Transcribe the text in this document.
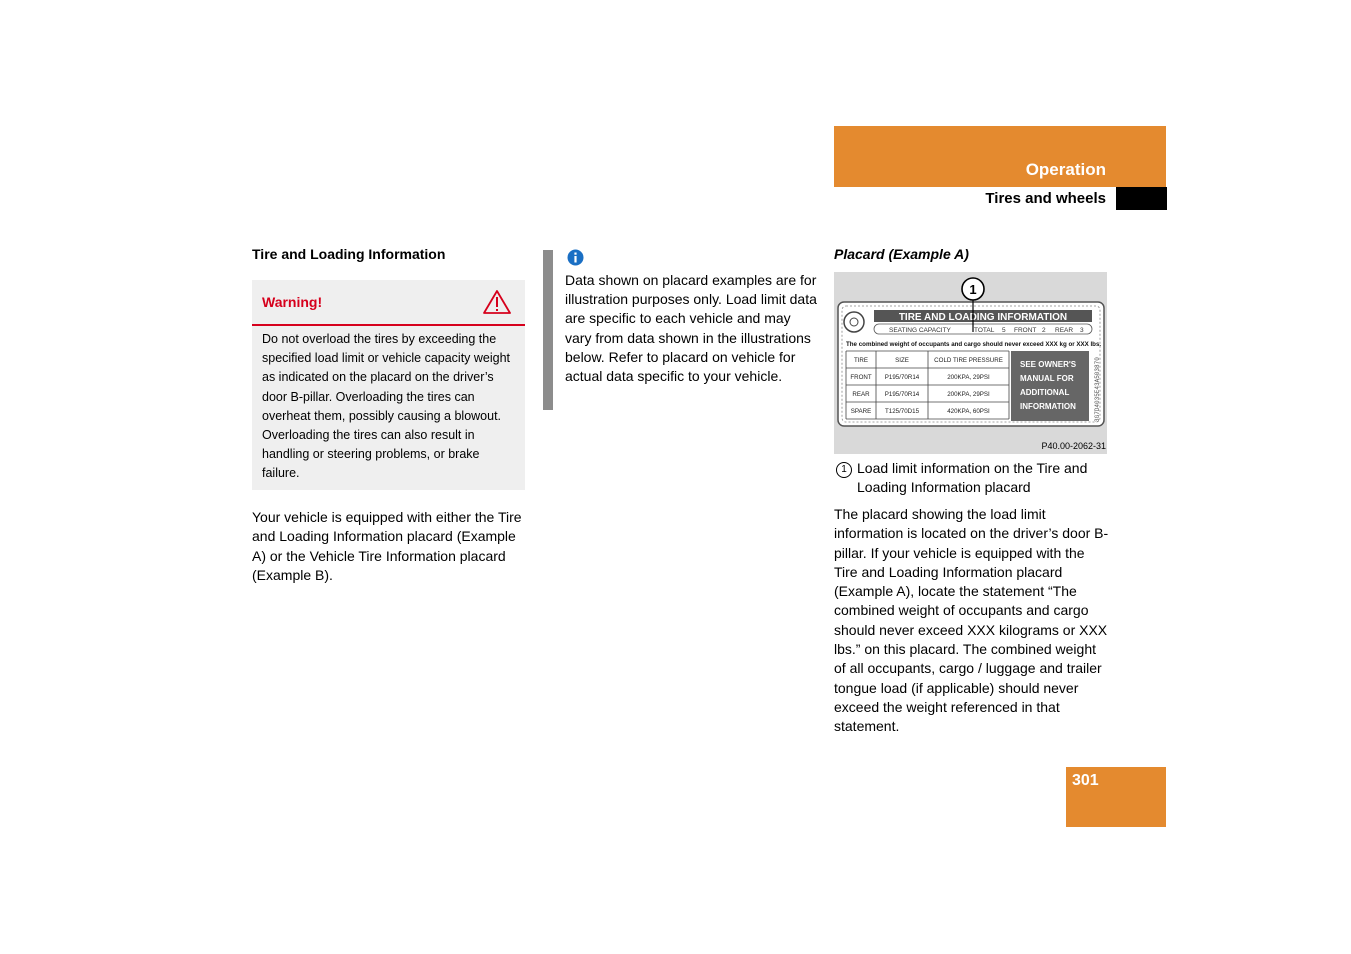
Operation
Tires and wheels
Tire and Loading Information
Warning!
Do not overload the tires by exceeding the specified load limit or vehicle capacity weight as indicated on the placard on the driver’s door B-pillar. Overloading the tires can overheat them, possibly causing a blowout. Overloading the tires can also result in handling or steering problems, or brake failure.
Your vehicle is equipped with either the Tire and Loading Information placard (Example A) or the Vehicle Tire Information placard (Example B).
Data shown on placard examples are for illustration purposes only. Load limit data are specific to each vehicle and may vary from data shown in the illustrations below. Refer to placard on vehicle for actual data specific to your vehicle.
Placard (Example A)
TIRE AND LOADING INFORMATION
SEATING CAPACITY	TOTAL 5 FRONT 2 REAR 3
The combined weight of occupants and cargo should never exceed XXX kg or XXX lbs.
TIRE	SIZE	COLD TIRE PRESSURE
FRONT P195/70R14	200KPA, 29PSI
REAR P195/70R14	200KPA, 29PSI
SPARE T125/70D15	420KPA, 60PSI
SEE OWNER'S
MANUAL FOR
ADDITIONAL
INFORMATION	3G7D4035E43A503870
1
P40.00-2062-31
1 Load limit information on the Tire and Loading Information placard
The placard showing the load limit information is located on the driver’s door B-pillar. If your vehicle is equipped with the Tire and Loading Information placard (Example A), locate the statement “The combined weight of occupants and cargo should never exceed XXX kilograms or XXX lbs.” on this placard. The combined weight of all occupants, cargo / luggage and trailer tongue load (if applicable) should never exceed the weight referenced in that statement.
301
